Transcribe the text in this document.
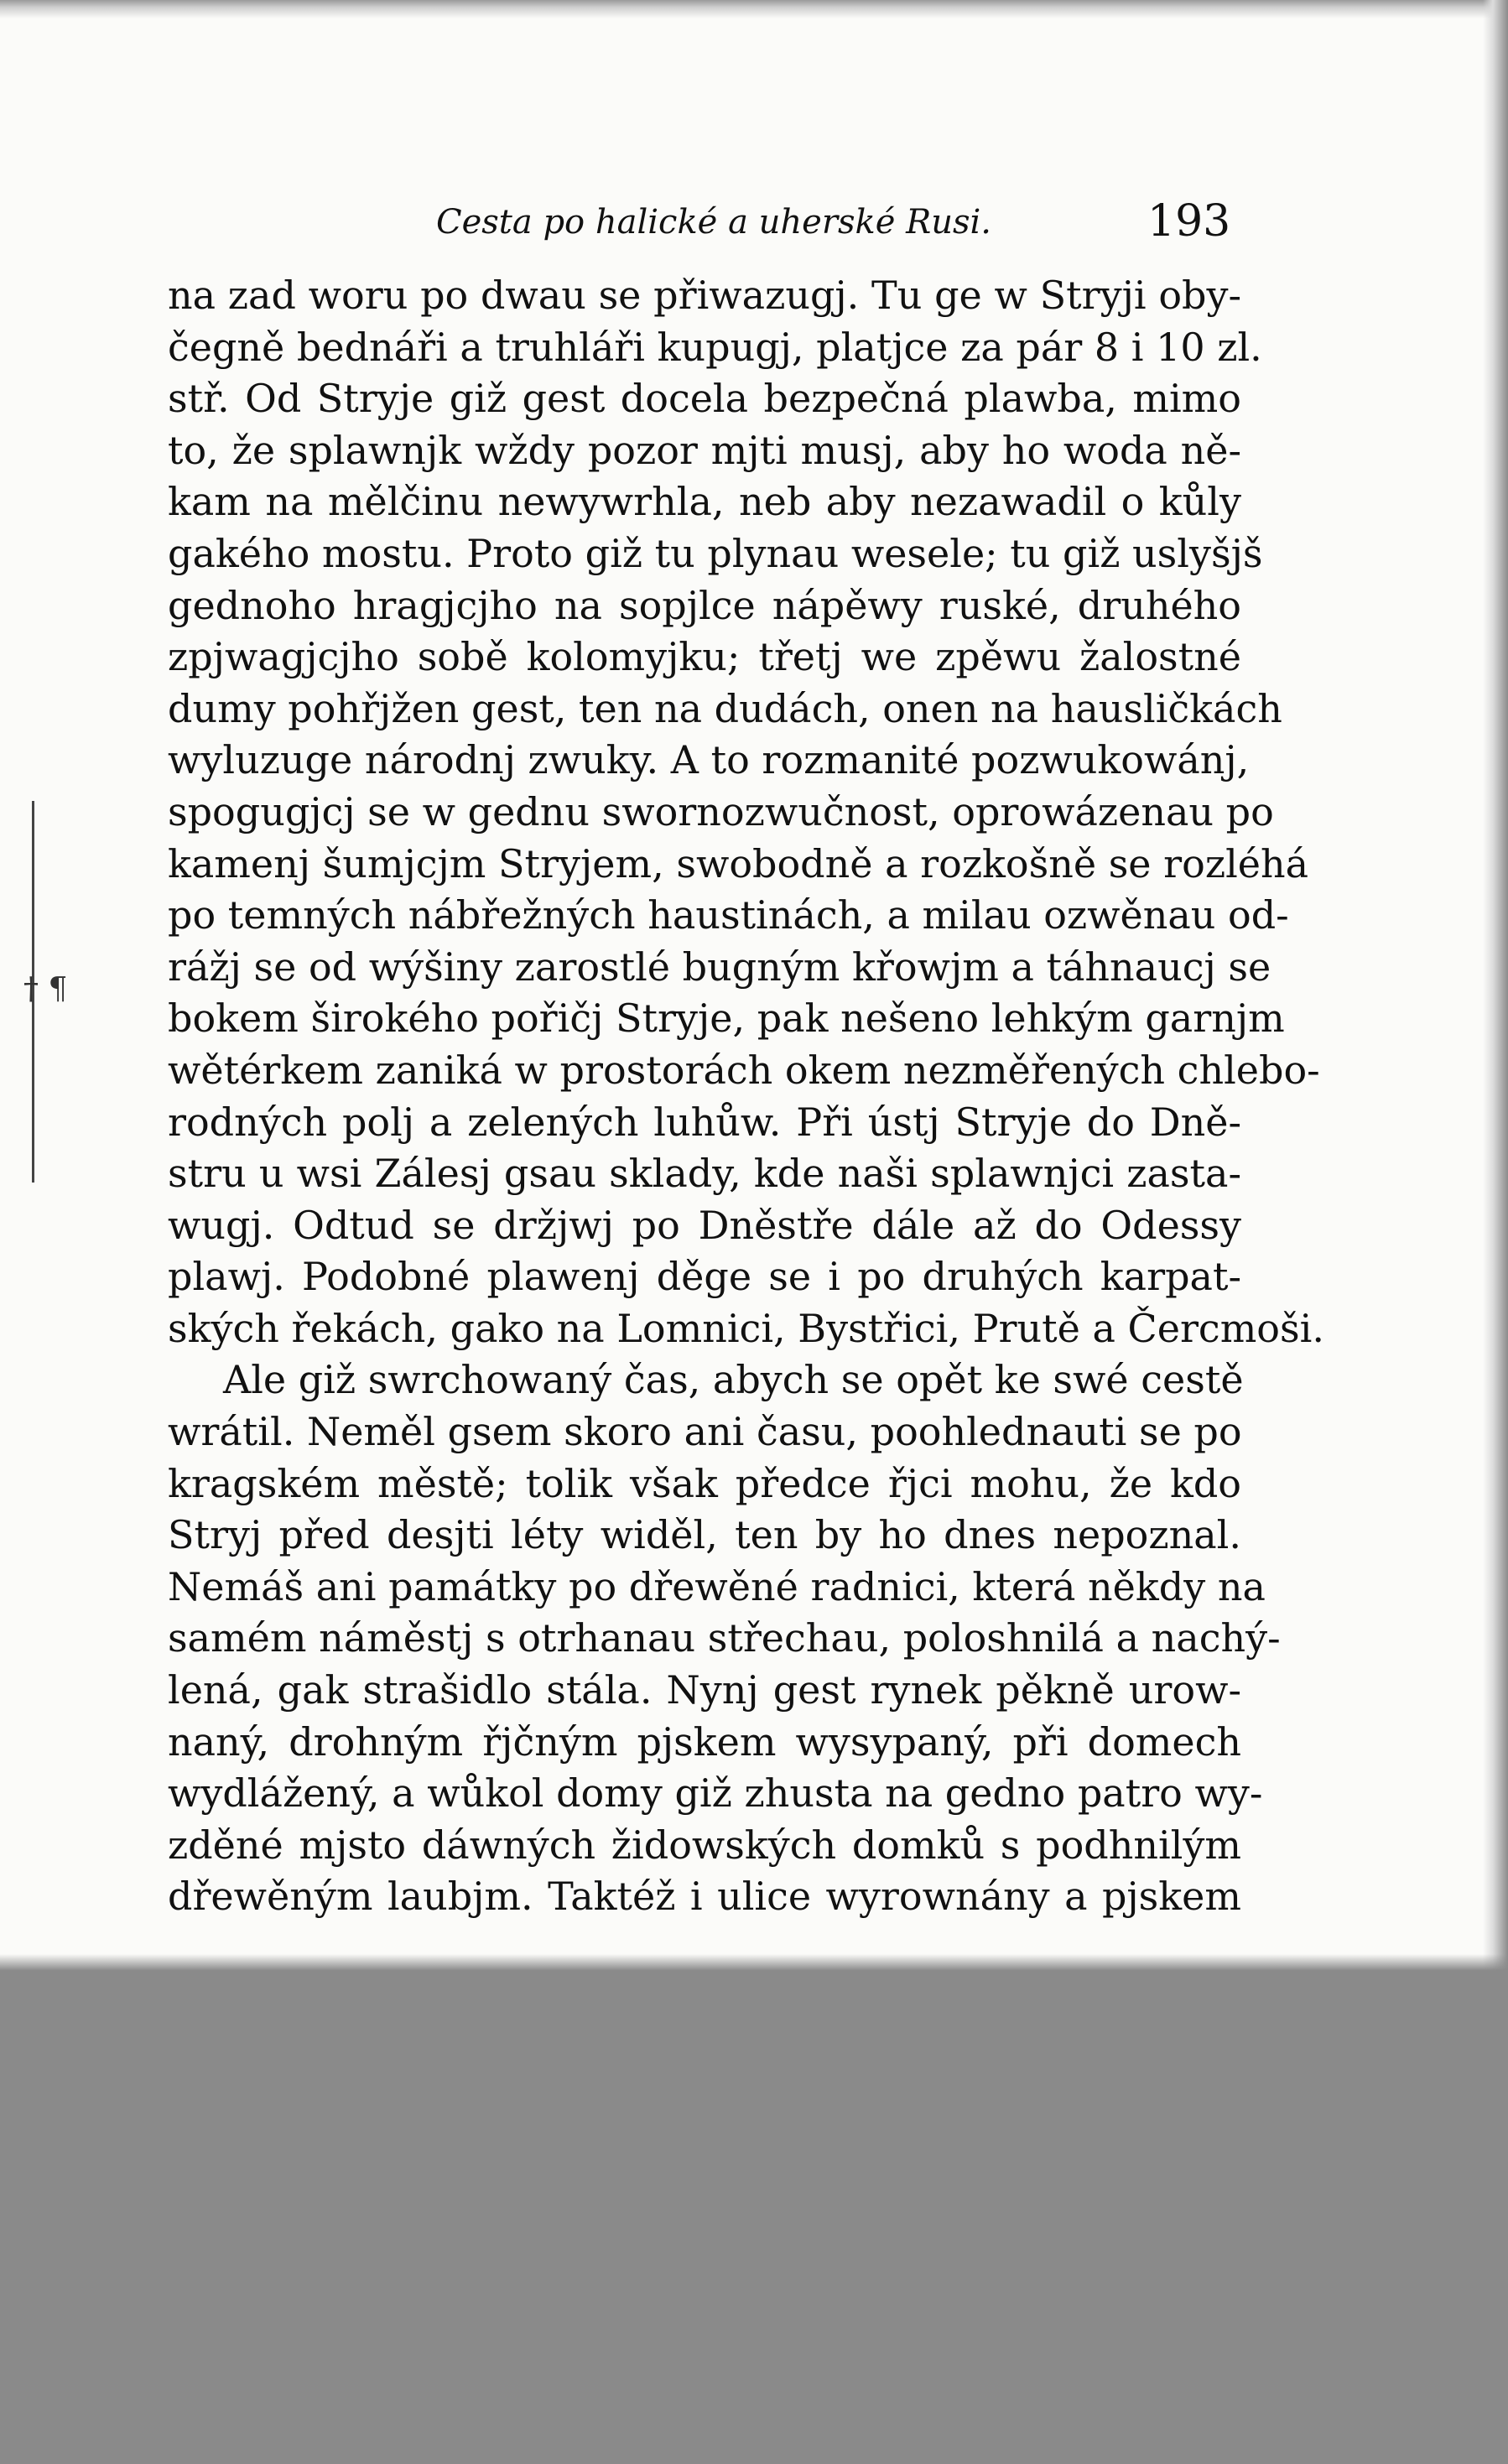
Cesta po halické a uherské Rusi.	193
† ¶
na zad woru po dwau se přiwazugj. Tu ge w Stryji oby-
čegně bednáři a truhláři kupugj, platjce za pár 8 i 10 zl.
stř. Od Stryje giž gest docela bezpečná plawba, mimo
to, že splawnjk wždy pozor mjti musj, aby ho woda ně-
kam na mělčinu newywrhla, neb aby nezawadil o kůly
gakého mostu. Proto giž tu plynau wesele; tu giž uslyšjš
gednoho hragjcjho na sopjlce nápěwy ruské, druhého
zpjwagjcjho sobě kolomyjku; třetj we zpěwu žalostné
dumy pohřjžen gest, ten na dudách, onen na hausličkách
wyluzuge národnj zwuky. A to rozmanité pozwukowánj,
spogugjcj se w gednu swornozwučnost, oprowázenau po
kamenj šumjcjm Stryjem, swobodně a rozkošně se rozléhá
po temných nábřežných haustinách, a milau ozwěnau od-
rážj se od wýšiny zarostlé bugným křowjm a táhnaucj se
bokem širokého pořičj Stryje, pak nešeno lehkým garnjm
wětérkem zaniká w prostorách okem nezměřených chlebo-
rodných polj a zelených luhůw. Při ústj Stryje do Dně-
stru u wsi Zálesj gsau sklady, kde naši splawnjci zasta-
wugj. Odtud se držjwj po Dněstře dále až do Odessy
plawj. Podobné plawenj děge se i po druhých karpat-
ských řekách, gako na Lomnici, Bystřici, Prutě a Čercmoši.
Ale giž swrchowaný čas, abych se opět ke swé cestě
wrátil. Neměl gsem skoro ani času, poohlednauti se po
kragském městě; tolik však předce řjci mohu, že kdo
Stryj před desjti léty widěl, ten by ho dnes nepoznal.
Nemáš ani památky po dřewěné radnici, která někdy na
samém náměstj s otrhanau střechau, poloshnilá a nachý-
lená, gak strašidlo stála. Nynj gest rynek pěkně urow-
naný, drohným řjčným pjskem wysypaný, při domech
wydlážený, a wůkol domy giž zhusta na gedno patro wy-
zděné mjsto dáwných židowských domků s podhnilým
dřewěným laubjm. Taktéž i ulice wyrownány a pjskem
